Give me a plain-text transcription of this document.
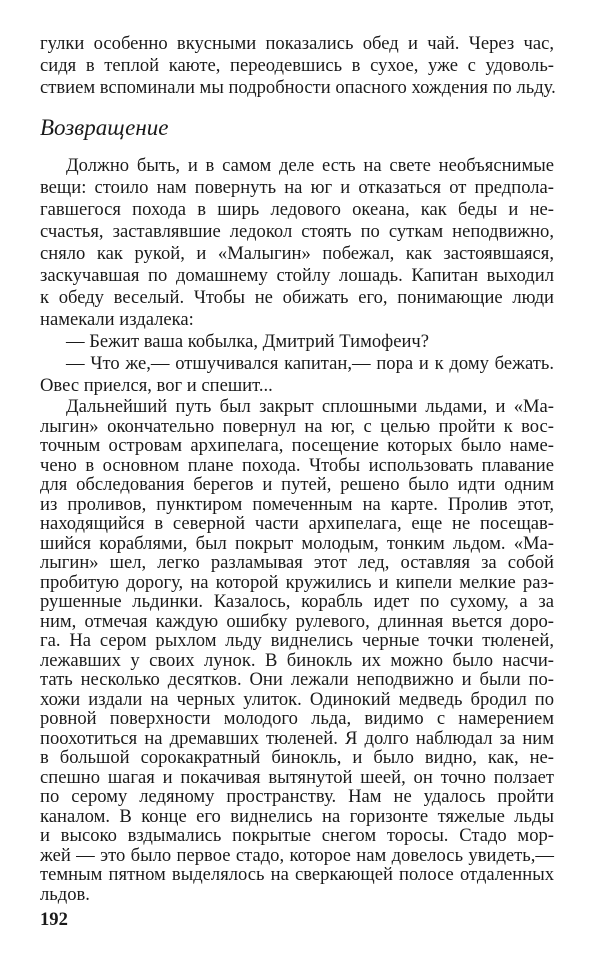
гулки особенно вкусными показались обед и чай. Через час,
сидя в теплой каюте, переодевшись в сухое, уже с удоволь-
ствием вспоминали мы подробности опасного хождения по льду.
Возвращение
Должно быть, и в самом деле есть на свете необъяснимые
вещи: стоило нам повернуть на юг и отказаться от предпола-
гавшегося похода в ширь ледового океана, как беды и не-
счастья, заставлявшие ледокол стоять по суткам неподвижно,
сняло как рукой, и «Малыгин» побежал, как застоявшаяся,
заскучавшая по домашнему стойлу лошадь. Капитан выходил
к обеду веселый. Чтобы не обижать его, понимающие люди
намекали издалека:
— Бежит ваша кобылка, Дмитрий Тимофеич?
— Что же,— отшучивался капитан,— пора и к дому бежать.
Овес приелся, вог и спешит...
Дальнейший путь был закрыт сплошными льдами, и «Ма-
лыгин» окончательно повернул на юг, с целью пройти к вос-
точным островам архипелага, посещение которых было наме-
чено в основном плане похода. Чтобы использовать плавание
для обследования берегов и путей, решено было идти одним
из проливов, пунктиром помеченным на карте. Пролив этот,
находящийся в северной части архипелага, еще не посещав-
шийся кораблями, был покрыт молодым, тонким льдом. «Ма-
лыгин» шел, легко разламывая этот лед, оставляя за собой
пробитую дорогу, на которой кружились и кипели мелкие раз-
рушенные льдинки. Казалось, корабль идет по сухому, а за
ним, отмечая каждую ошибку рулевого, длинная вьется доро-
га. На сером рыхлом льду виднелись черные точки тюленей,
лежавших у своих лунок. В бинокль их можно было насчи-
тать несколько десятков. Они лежали неподвижно и были по-
хожи издали на черных улиток. Одинокий медведь бродил по
ровной поверхности молодого льда, видимо с намерением
поохотиться на дремавших тюленей. Я долго наблюдал за ним
в большой сорокакратный бинокль, и было видно, как, не-
спешно шагая и покачивая вытянутой шеей, он точно ползает
по серому ледяному пространству. Нам не удалось пройти
каналом. В конце его виднелись на горизонте тяжелые льды
и высоко вздымались покрытые снегом торосы. Стадо мор-
192
жей — это было первое стадо, которое нам довелось увидеть,—
темным пятном выделялось на сверкающей полосе отдаленных
льдов.
